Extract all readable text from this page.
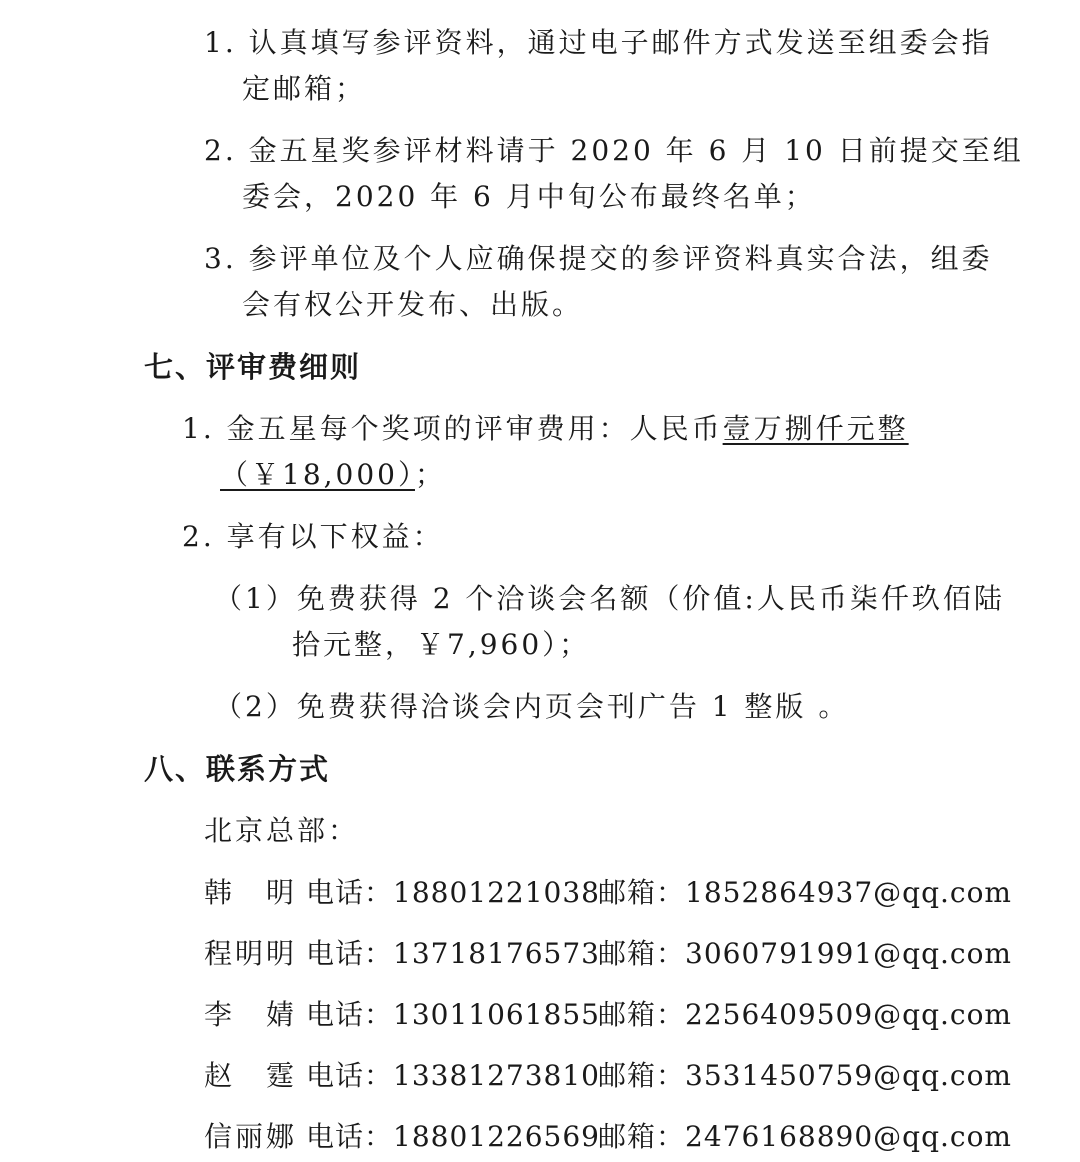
1. 认真填写参评资料，通过电子邮件方式发送至组委会指
定邮箱；
2. 金五星奖参评材料请于 2020 年 6 月 10 日前提交至组
委会，2020 年 6 月中旬公布最终名单；
3. 参评单位及个人应确保提交的参评资料真实合法，组委
会有权公开发布、出版。
七、评审费细则
1. 金五星每个奖项的评审费用：人民币壹万捌仟元整
（￥18,000）；
2. 享有以下权益：
（1）免费获得 2 个洽谈会名额（价值:人民币柒仟玖佰陆
拾元整，￥7,960）；
（2）免费获得洽谈会内页会刊广告 1 整版 。
八、联系方式
北京总部：
韩　明 电话：18801221038
邮箱：1852864937@qq.com
程明明 电话：13718176573
邮箱：3060791991@qq.com
李　婧 电话：13011061855
邮箱：2256409509@qq.com
赵　霆 电话：13381273810
邮箱：3531450759@qq.com
信丽娜 电话：18801226569
邮箱：2476168890@qq.com
